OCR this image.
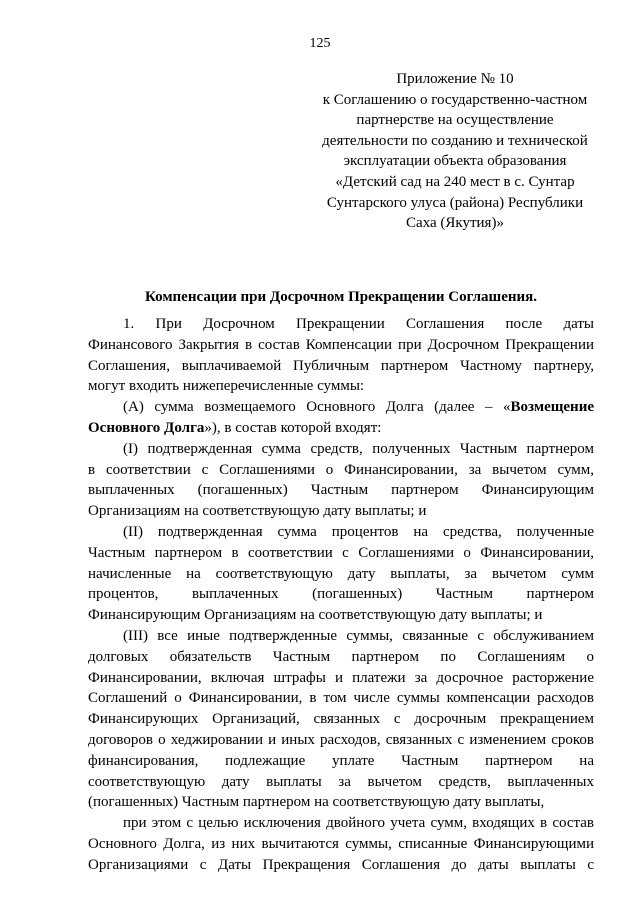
125
Приложение № 10
к Соглашению о государственно-частном
партнерстве на осуществление
деятельности по созданию и технической
эксплуатации объекта образования
«Детский сад на 240 мест в с. Сунтар
Сунтарского улуса (района) Республики
Саха (Якутия)»
Компенсации при Досрочном Прекращении Соглашения.

1. При Досрочном Прекращении Соглашения после даты

Финансового Закрытия в состав Компенсации при Досрочном Прекращении

Соглашения, выплачиваемой Публичным партнером Частному партнеру,

могут входить нижеперечисленные суммы:

(А) сумма возмещаемого Основного Долга (далее – «Возмещение

Основного Долга»), в состав которой входят:

(I) подтвержденная сумма средств, полученных Частным партнером

в соответствии с Соглашениями о Финансировании, за вычетом сумм,

выплаченных (погашенных) Частным партнером Финансирующим

Организациям на соответствующую дату выплаты; и

(II) подтвержденная сумма процентов на средства, полученные

Частным партнером в соответствии с Соглашениями о Финансировании,

начисленные на соответствующую дату выплаты, за вычетом сумм

процентов, выплаченных (погашенных) Частным партнером

Финансирующим Организациям на соответствующую дату выплаты; и

(III) все иные подтвержденные суммы, связанные с обслуживанием

долговых обязательств Частным партнером по Соглашениям о

Финансировании, включая штрафы и платежи за досрочное расторжение

Соглашений о Финансировании, в том числе суммы компенсации расходов

Финансирующих Организаций, связанных с досрочным прекращением

договоров о хеджировании и иных расходов, связанных с изменением сроков

финансирования, подлежащие уплате Частным партнером на

соответствующую дату выплаты за вычетом средств, выплаченных

(погашенных) Частным партнером на соответствующую дату выплаты,

при этом с целью исключения двойного учета сумм, входящих в состав

Основного Долга, из них вычитаются суммы, списанные Финансирующими

Организациями с Даты Прекращения Соглашения до даты выплаты с
